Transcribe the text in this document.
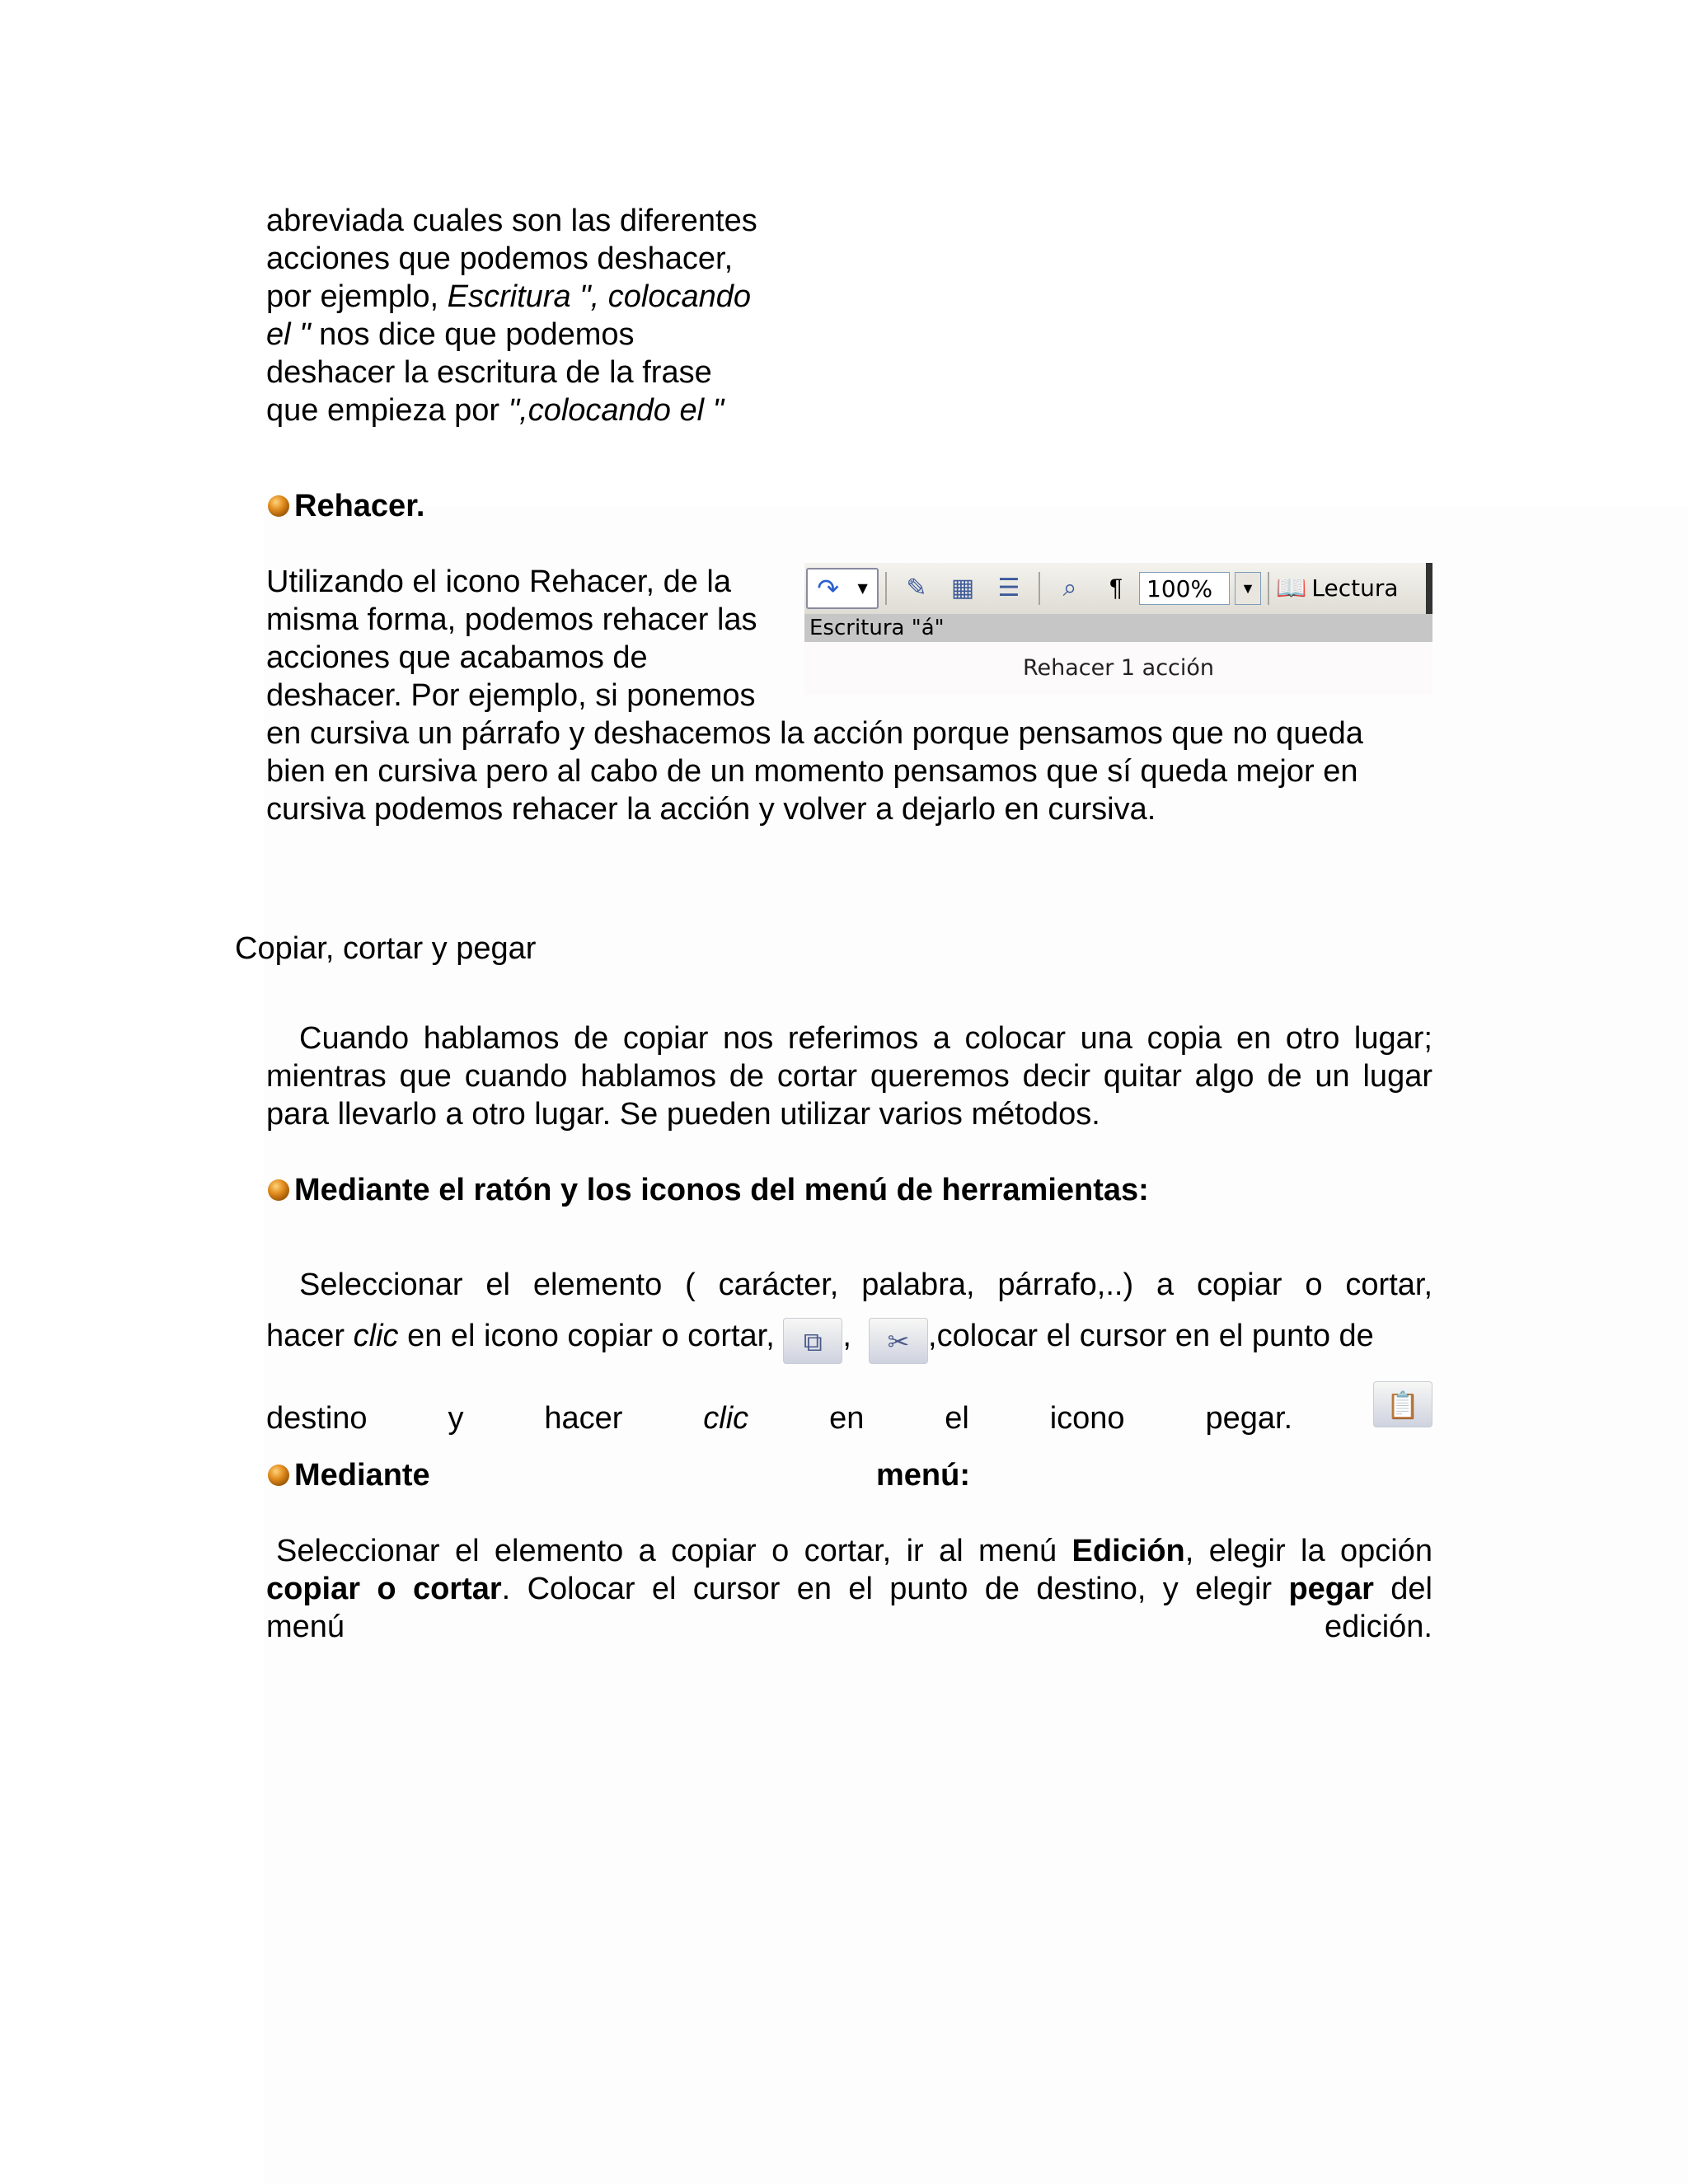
abreviada cuales son las diferentes
acciones que podemos deshacer,
por ejemplo, Escritura ", colocando
el " nos dice que podemos
deshacer la escritura de la frase
que empieza por ",colocando el "
Rehacer.
Utilizando el icono Rehacer, de la
misma forma, podemos rehacer las
acciones que acabamos de
deshacer. Por ejemplo, si ponemos
en cursiva un párrafo y deshacemos la acción porque pensamos que no queda
bien en cursiva pero al cabo de un momento pensamos que sí queda mejor en
cursiva podemos rehacer la acción y volver a dejarlo en cursiva.
↷ ▼	✎ ▦ ☰	⌕	¶	100%	▼ 📖 Lectura
Escritura "á"
Rehacer 1 acción
Copiar, cortar y pegar
Cuando hablamos de copiar nos referimos a colocar una copia en otro lugar; mientras que cuando hablamos de cortar queremos decir quitar algo de un lugar para llevarlo a otro lugar. Se pueden utilizar varios métodos.
Mediante el ratón y los iconos del menú de herramientas:
Seleccionar el elemento ( carácter, palabra, párrafo,..) a copiar o cortar,
hacer clic en el icono copiar o cortar, ⧉ , ✂ ,colocar el cursor en el punto de
destino	y	hacer	clic	en	el	icono	pegar.	📋
Mediante	menú:
Seleccionar el elemento a copiar o cortar, ir al menú Edición, elegir la opción
copiar o cortar. Colocar el cursor en el punto de destino, y elegir pegar del
menú	edición.
